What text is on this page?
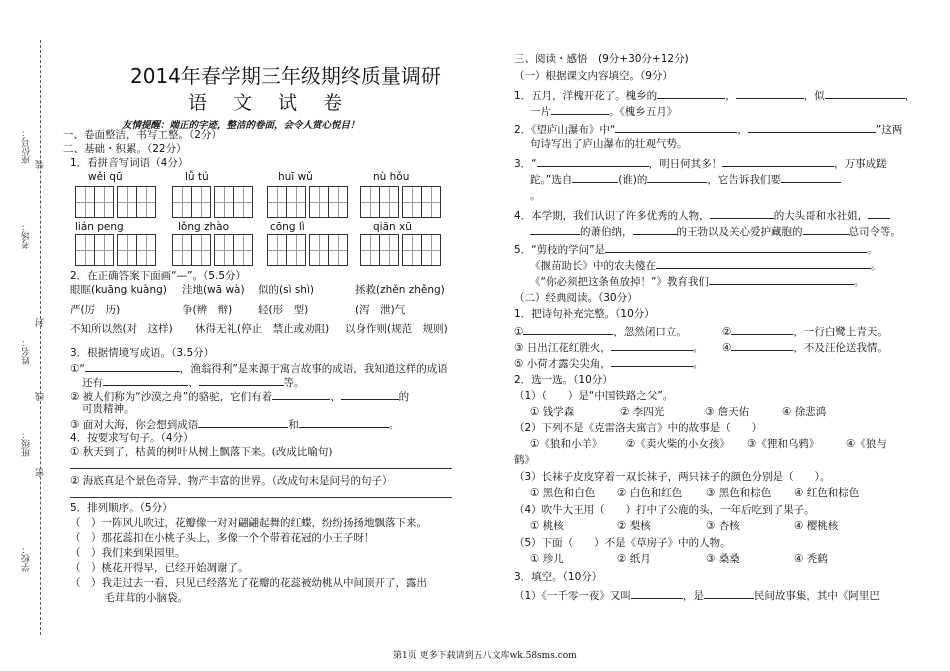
座位号：
装
考场：
封
姓名：
线
班级：
密
学校：
2014年春学期三年级期终质量调研
语文试卷
友情提醒：端正的字迹，整洁的卷面，会令人赏心悦目！
一、卷面整洁，书写工整。（2分）
二、基础・积累。（22分）
1．看拼音写词语（4分）
wěi qū	lǚ tú	huī wǔ	nù hǒu
lián peng	lǒng zhào	cōng lì	qiān xū
2．在正确答案下面画“—”。（5.5分）
眼眶(kuāng kuàng) 洼地(wā wà) 似的(sì shì)	拯救(zhěn zhěng)
严(厉　历)	争(辨　辩) 轻(形　型)	(泻　泄)气
不知所以然(对　这样) 休得无礼(停止　禁止或劝阻) 以身作则(规范　规则)
3．根据情境写成语。（3.5分）
①“	，渔翁得利”是来源于寓言故事的成语，我知道这样的成语
还有	、	等。
② 被人们称为“沙漠之舟”的骆驼，它们有着	、	的
可贵精神。
③ 面对大海，你会想到成语	和	。
4．按要求写句子。（4分）
① 秋天到了，枯黄的树叶从树上飘落下来。(改成比喻句)
② 海底真是个景色奇异、物产丰富的世界。（改成句末是问号的句子）
5．排列顺序。（5分）
（　）一阵风儿吹过，花瓣像一对对翩翩起舞的红蝶，纷纷扬扬地飘落下来。
（　）那花蕊扣在小桃子头上，多像一个个带着花冠的小王子呀！
（　）我们来到果园里。
（　）桃花开得早，已经开始凋谢了。
（　）我走过去一看，只见已经落光了花瓣的花蕊被幼桃从中间顶开了，露出
毛茸茸的小脑袋。
三、阅读・感悟　(9分+30分+12分)
（一）根据课文内容填空。（9分）
1．五月，洋槐开花了。槐乡的	，	，似	，
一片	。《槐乡五月》
2．《望庐山瀑布》中“	，	”这两
句诗写出了庐山瀑布的壮观气势。
3．“	，明日何其多！	，万事成蹉
跎。”选自	(谁)的	，它告诉我们要
。
4．本学期，我们认识了许多优秀的人物，	的大头哥和水社姐，
的萧伯纳，	的王勃以及关心爱护藏胞的	总司令等。
5．“剪枝的学问”是	。
《揠苗助长》中的农夫傻在	。
《“你必须把这条鱼放掉！”》教育我们	。
（二）经典阅读。（30分）
1．把诗句补充完整。（10分）
①	，忽然闭口立。	②	，一行白鹭上青天。
③ 日出江花红胜火，	。 ④	，不及汪伦送我情。
⑤ 小荷才露尖尖角，	。
2．选一选。（10分）
（1）（　　）是“中国铁路之父”。
① 钱学森	② 李四光	③ 詹天佑	④ 徐悲鸿
（2）下列不是《克雷洛夫寓言》中的故事是（　　）
①《狼和小羊》 ②《卖火柴的小女孩》 ③《狸和乌鸦》	④《狼与
鹤》
（3）长袜子皮皮穿着一双长袜子，两只袜子的颜色分别是（　　）。
① 黑色和白色 ② 白色和红色 ③ 黑色和棕色 ④ 红色和棕色
（4）吹牛大王用（　　）打中了公鹿的头，一年后吃到了果子。
① 桃核	② 梨核	③ 杏核	④ 樱桃核
（5）下面（　　）不是《草房子》中的人物。
① 珍儿	② 纸月	③ 桑桑	④ 秃鹤
3．填空。（10分）
（1）《一千零一夜》又叫	，是	民间故事集，其中《阿里巴
第1页 更多下载请到五八文库wk.58sms.com
